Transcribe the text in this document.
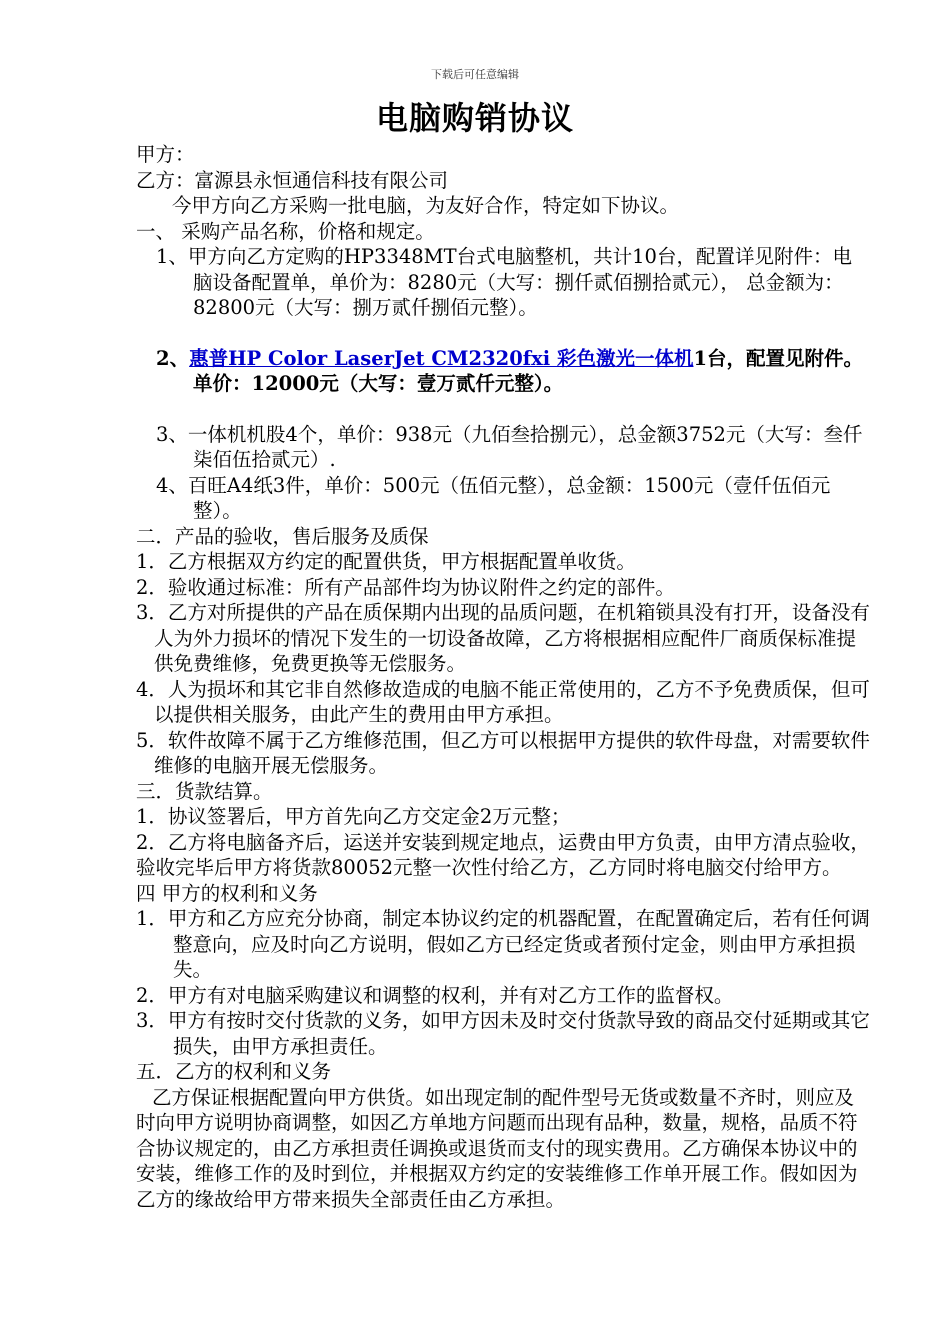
下载后可任意编辑
电脑购销协议

甲方：

乙方：富源县永恒通信科技有限公司

今甲方向乙方采购一批电脑，为友好合作，特定如下协议。

一、 采购产品名称，价格和规定。

1、甲方向乙方定购的HP3348MT台式电脑整机，共计10台，配置详见附件：电脑设备配置单，单价为：8280元（大写：捌仟贰佰捌拾贰元）， 总金额为：82800元（大写：捌万贰仟捌佰元整）。

2、惠普HP Color LaserJet CM2320fxi 彩色激光一体机1台，配置见附件。单价：12000元（大写：壹万贰仟元整）。

3、一体机机股4个，单价：938元（九佰叁拾捌元），总金额3752元（大写：叁仟柒佰伍拾贰元）.

4、百旺A4纸3件，单价：500元（伍佰元整），总金额：1500元（壹仟伍佰元整）。

二．产品的验收，售后服务及质保

1．乙方根据双方约定的配置供货，甲方根据配置单收货。

2．验收通过标准：所有产品部件均为协议附件之约定的部件。

3．乙方对所提供的产品在质保期内出现的品质问题，在机箱锁具没有打开，设备没有人为外力损坏的情况下发生的一切设备故障，乙方将根据相应配件厂商质保标准提供免费维修，免费更换等无偿服务。

4．人为损坏和其它非自然修故造成的电脑不能正常使用的，乙方不予免费质保，但可以提供相关服务，由此产生的费用由甲方承担。

5．软件故障不属于乙方维修范围，但乙方可以根据甲方提供的软件母盘，对需要软件维修的电脑开展无偿服务。

三．货款结算。

1．协议签署后，甲方首先向乙方交定金2万元整；

2．乙方将电脑备齐后，运送并安装到规定地点，运费由甲方负责，由甲方清点验收，验收完毕后甲方将货款80052元整一次性付给乙方，乙方同时将电脑交付给甲方。

四 甲方的权利和义务

1．甲方和乙方应充分协商，制定本协议约定的机器配置，在配置确定后，若有任何调整意向，应及时向乙方说明，假如乙方已经定货或者预付定金，则由甲方承担损失。

2．甲方有对电脑采购建议和调整的权利，并有对乙方工作的监督权。

3．甲方有按时交付货款的义务，如甲方因未及时交付货款导致的商品交付延期或其它损失，由甲方承担责任。

五．乙方的权利和义务

乙方保证根据配置向甲方供货。如出现定制的配件型号无货或数量不齐时，则应及时向甲方说明协商调整，如因乙方单地方问题而出现有品种，数量，规格，品质不符合协议规定的，由乙方承担责任调换或退货而支付的现实费用。乙方确保本协议中的安装，维修工作的及时到位，并根据双方约定的安装维修工作单开展工作。假如因为乙方的缘故给甲方带来损失全部责任由乙方承担。
